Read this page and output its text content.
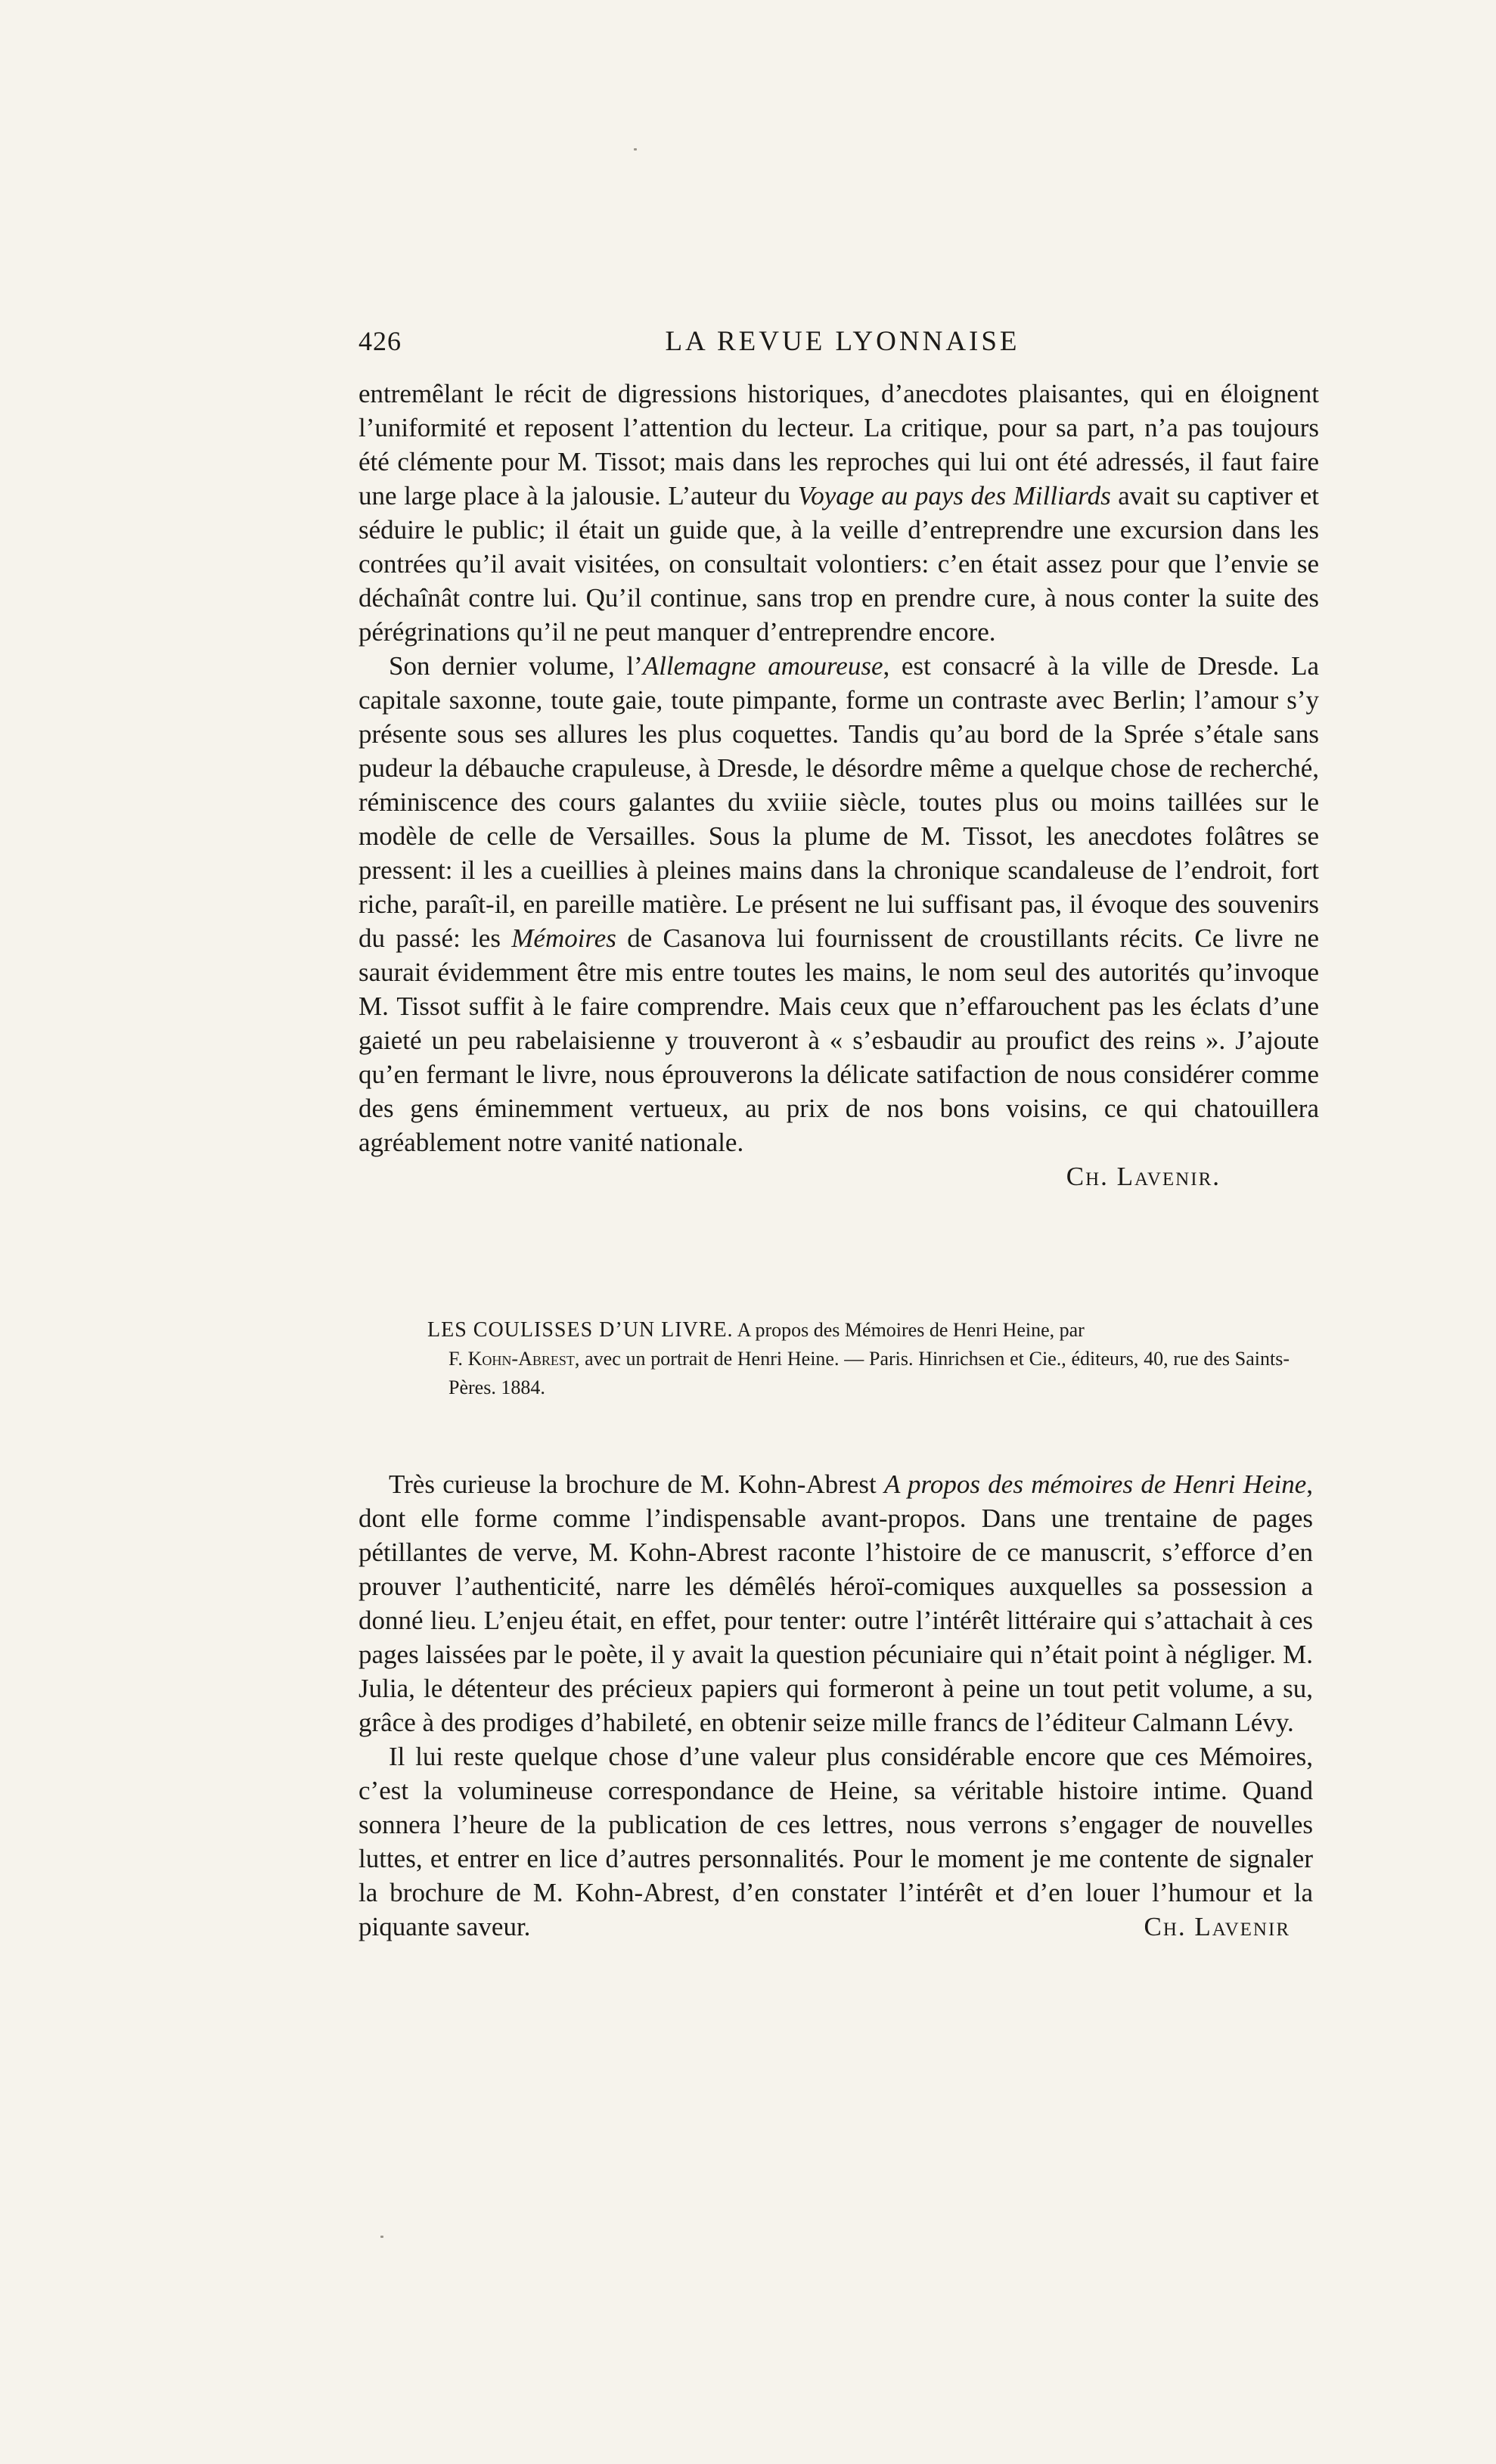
426	LA REVUE LYONNAISE

entremêlant le récit de digressions historiques, d’anecdotes plaisantes, qui en éloignent l’uniformité et reposent l’attention du lecteur. La critique, pour sa part, n’a pas toujours été clémente pour M. Tissot; mais dans les reproches qui lui ont été adressés, il faut faire une large place à la jalousie. L’auteur du Voyage au pays des Milliards avait su captiver et séduire le public; il était un guide que, à la veille d’entreprendre une excursion dans les contrées qu’il avait visitées, on consultait volontiers: c’en était assez pour que l’envie se déchaînât contre lui. Qu’il continue, sans trop en prendre cure, à nous conter la suite des pérégrinations qu’il ne peut manquer d’entreprendre encore.

Son dernier volume, l’Allemagne amoureuse, est consacré à la ville de Dresde. La capitale saxonne, toute gaie, toute pimpante, forme un contraste avec Berlin; l’amour s’y présente sous ses allures les plus coquettes. Tandis qu’au bord de la Sprée s’étale sans pudeur la débauche crapuleuse, à Dresde, le désordre même a quelque chose de recherché, réminiscence des cours galantes du xviiie siècle, toutes plus ou moins taillées sur le modèle de celle de Versailles. Sous la plume de M. Tissot, les anecdotes folâtres se pressent: il les a cueillies à pleines mains dans la chronique scandaleuse de l’endroit, fort riche, paraît-il, en pareille matière. Le présent ne lui suffisant pas, il évoque des souvenirs du passé: les Mémoires de Casanova lui fournissent de croustillants récits. Ce livre ne saurait évidemment être mis entre toutes les mains, le nom seul des autorités qu’invoque M. Tissot suffit à le faire comprendre. Mais ceux que n’effarouchent pas les éclats d’une gaieté un peu rabelaisienne y trouveront à « s’esbaudir au proufict des reins ». J’ajoute qu’en fermant le livre, nous éprouverons la délicate satifaction de nous considérer comme des gens éminemment vertueux, au prix de nos bons voisins, ce qui chatouillera agréablement notre vanité nationale.

Ch. Lavenir.

LES COULISSES D’UN LIVRE. A propos des Mémoires de Henri Heine, par
F. Kohn-Abrest, avec un portrait de Henri Heine. — Paris. Hinrichsen et Cie., éditeurs, 40, rue des Saints-Pères. 1884.

Très curieuse la brochure de M. Kohn-Abrest A propos des mémoires de Henri Heine, dont elle forme comme l’indispensable avant-propos. Dans une trentaine de pages pétillantes de verve, M. Kohn-Abrest raconte l’histoire de ce manuscrit, s’efforce d’en prouver l’authenticité, narre les démêlés héroï-comiques auxquelles sa possession a donné lieu. L’enjeu était, en effet, pour tenter: outre l’intérêt littéraire qui s’attachait à ces pages laissées par le poète, il y avait la question pécuniaire qui n’était point à négliger. M. Julia, le détenteur des précieux papiers qui formeront à peine un tout petit volume, a su, grâce à des prodiges d’habileté, en obtenir seize mille francs de l’éditeur Calmann Lévy.

Il lui reste quelque chose d’une valeur plus considérable encore que ces Mémoires, c’est la volumineuse correspondance de Heine, sa véritable histoire intime. Quand sonnera l’heure de la publication de ces lettres, nous verrons s’engager de nouvelles luttes, et entrer en lice d’autres personnalités. Pour le moment je me contente de signaler la brochure de M. Kohn-Abrest, d’en constater l’intérêt et d’en louer l’humour et la piquante saveur.	Ch. Lavenir
